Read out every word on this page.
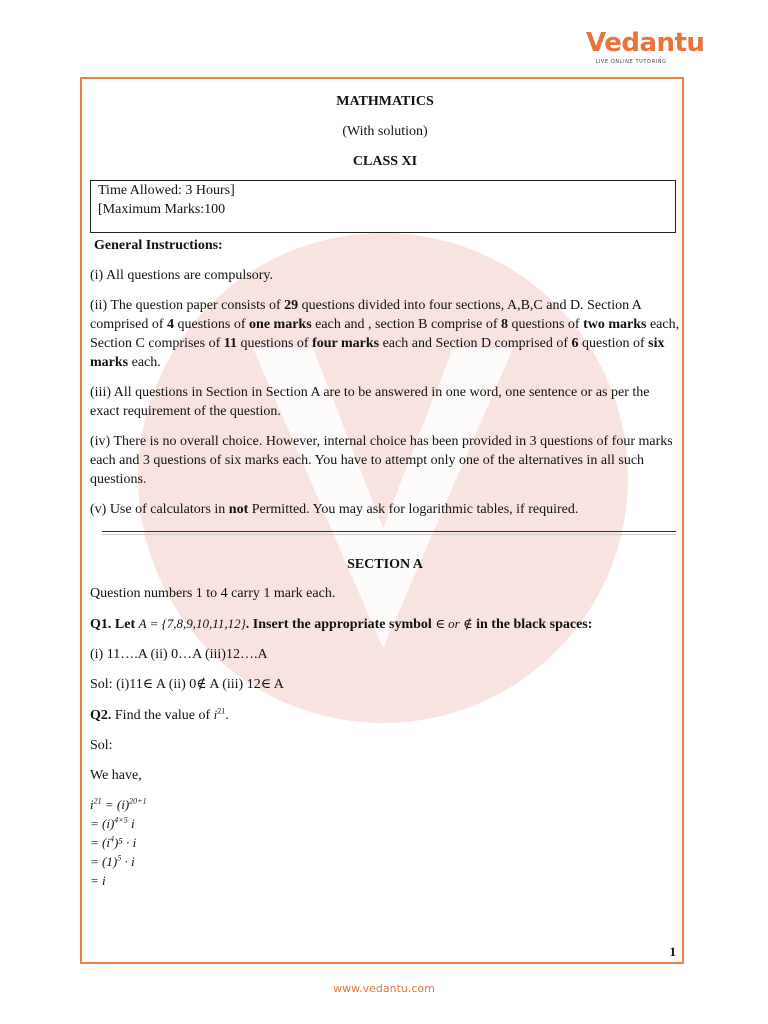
Vedantu
LIVE ONLINE TUTORING
MATHMATICS
(With solution)
CLASS XI
Time Allowed: 3 Hours]
[Maximum Marks:100

General Instructions:

(i) All questions are compulsory.

(ii) The question paper consists of 29 questions divided into four sections, A,B,C and D. Section A comprised of 4 questions of one marks each and , section B comprise of 8 questions of two marks each, Section C comprises of 11 questions of four marks each and Section D comprised of 6 question of six marks each.

(iii) All questions in Section in Section A are to be answered in one word, one sentence or as per the exact requirement of the question.

(iv) There is no overall choice. However, internal choice has been provided in 3 questions of four marks each and 3 questions of six marks each. You have to attempt only one of the alternatives in all such questions.

(v) Use of calculators in not Permitted. You may ask for logarithmic tables, if required.

SECTION A

Question numbers 1 to 4 carry 1 mark each.

Q1. Let A = {7,8,9,10,11,12}. Insert the appropriate symbol ∈ or ∉ in the black spaces:

(i) 11….A (ii) 0…A (iii)12….A

Sol: (i)11∈ A (ii) 0∉ A (iii) 12∈ A

Q2. Find the value of $i^{21}$.

Sol:

We have,

$i^{21} = (i)^{20+1}$
= $(i)^{4\times 5}$ i
= $(i^4)^5 \cdot i$
= $(1)^5 \cdot i$
= i
1
www.vedantu.com
